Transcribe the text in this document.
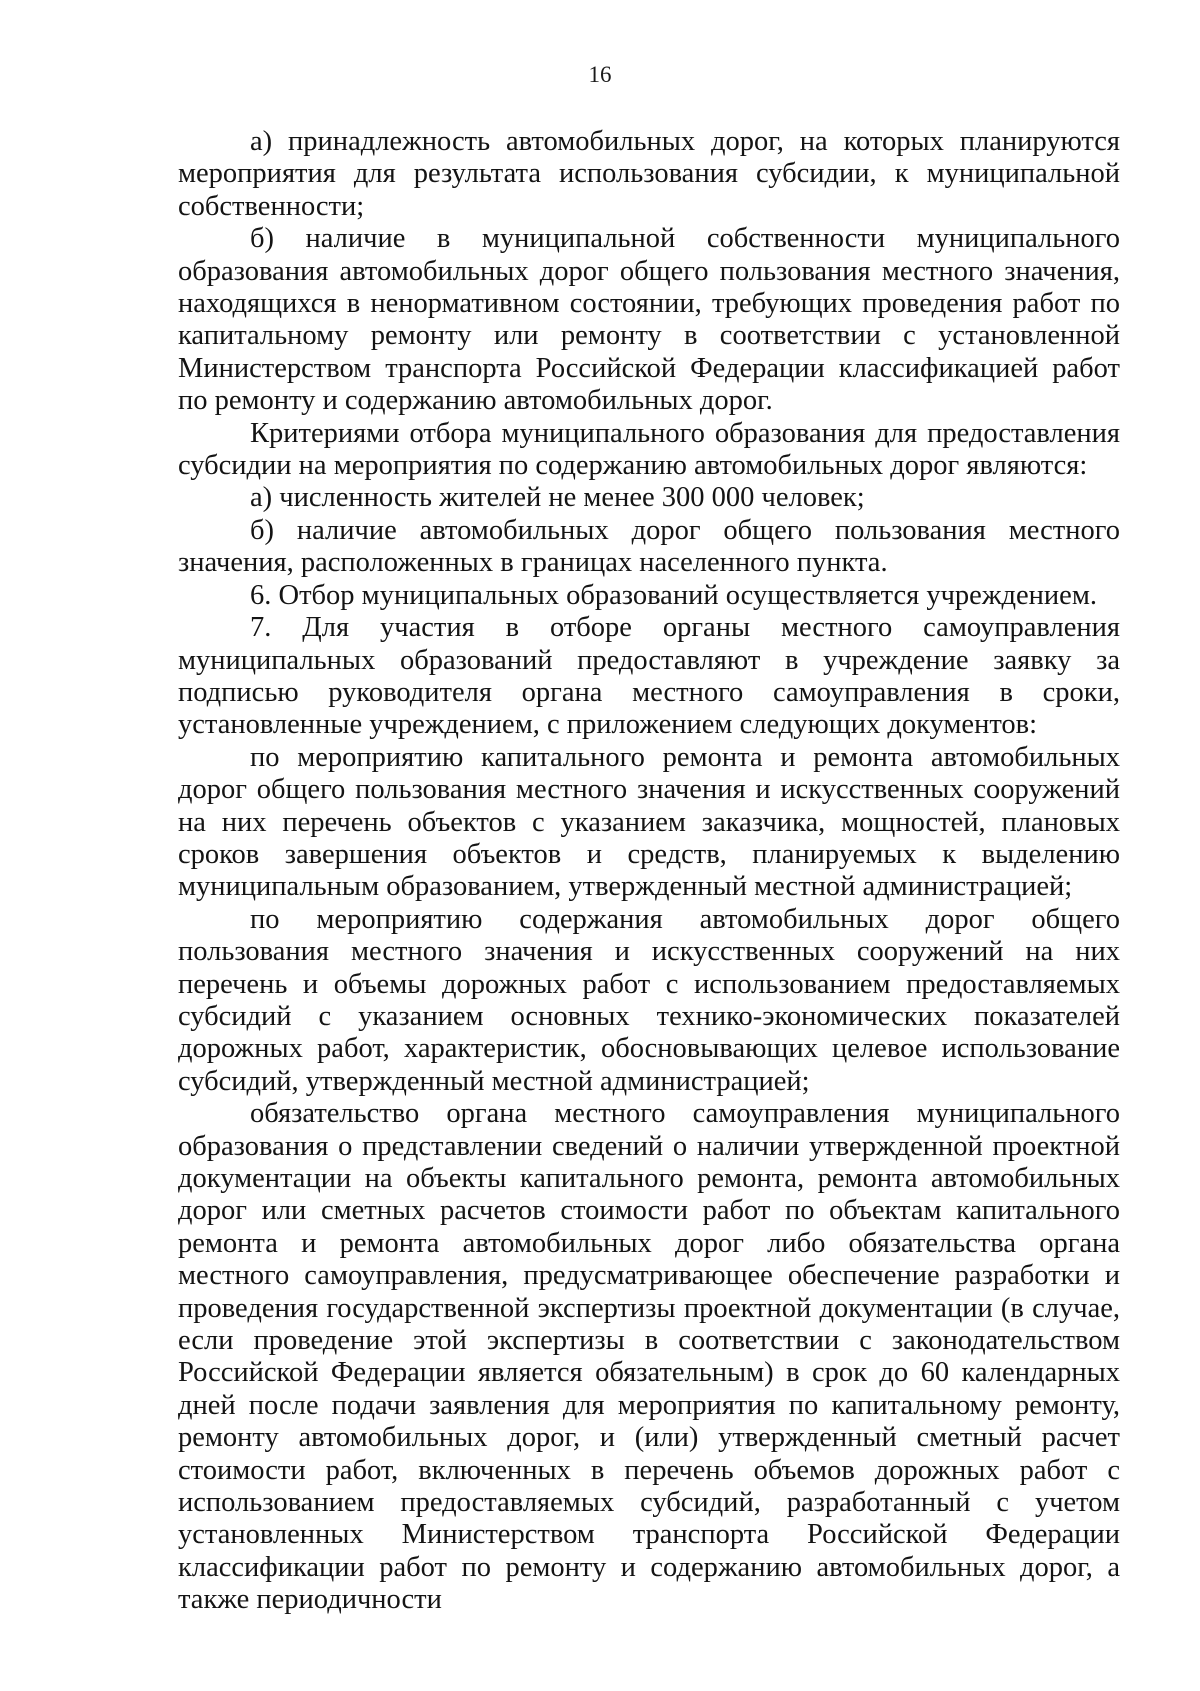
16

а) принадлежность автомобильных дорог, на которых планируются мероприятия для результата использования субсидии, к муниципальной собственности;

б) наличие в муниципальной собственности муниципального образования автомобильных дорог общего пользования местного значения, находящихся в ненормативном состоянии, требующих проведения работ по капитальному ремонту или ремонту в соответствии с установленной Министерством транспорта Российской Федерации классификацией работ по ремонту и содержанию автомобильных дорог.

Критериями отбора муниципального образования для предоставления субсидии на мероприятия по содержанию автомобильных дорог являются:

а) численность жителей не менее 300 000 человек;

б) наличие автомобильных дорог общего пользования местного значения, расположенных в границах населенного пункта.

6. Отбор муниципальных образований осуществляется учреждением.

7. Для участия в отборе органы местного самоуправления муниципальных образований предоставляют в учреждение заявку за подписью руководителя органа местного самоуправления в сроки, установленные учреждением, с приложением следующих документов:

по мероприятию капитального ремонта и ремонта автомобильных дорог общего пользования местного значения и искусственных сооружений на них перечень объектов с указанием заказчика, мощностей, плановых сроков завершения объектов и средств, планируемых к выделению муниципальным образованием, утвержденный местной администрацией;

по мероприятию содержания автомобильных дорог общего пользования местного значения и искусственных сооружений на них перечень и объемы дорожных работ с использованием предоставляемых субсидий с указанием основных технико-экономических показателей дорожных работ, характеристик, обосновывающих целевое использование субсидий, утвержденный местной администрацией;

обязательство органа местного самоуправления муниципального образования о представлении сведений о наличии утвержденной проектной документации на объекты капитального ремонта, ремонта автомобильных дорог или сметных расчетов стоимости работ по объектам капитального ремонта и ремонта автомобильных дорог либо обязательства органа местного самоуправления, предусматривающее обеспечение разработки и проведения государственной экспертизы проектной документации (в случае, если проведение этой экспертизы в соответствии с законодательством Российской Федерации является обязательным) в срок до 60 календарных дней после подачи заявления для мероприятия по капитальному ремонту, ремонту автомобильных дорог, и (или) утвержденный сметный расчет стоимости работ, включенных в перечень объемов дорожных работ с использованием предоставляемых субсидий, разработанный с учетом установленных Министерством транспорта Российской Федерации классификации работ по ремонту и содержанию автомобильных дорог, а также периодичности
